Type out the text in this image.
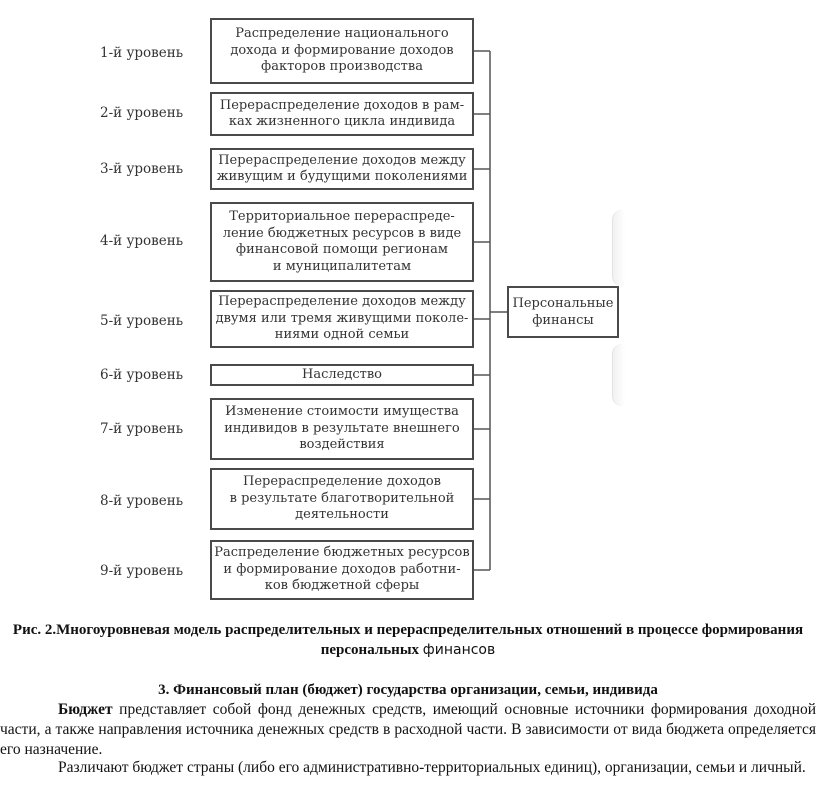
1-й уровень
Распределение национального
дохода и формирование доходов
факторов производства
2-й уровень	Перераспределение доходов в рам-
ках жизненного цикла индивида
3-й уровень
Перераспределение доходов между
живущим и будущими поколениями
4-й уровень
Территориальное перераспреде-
ление бюджетных ресурсов в виде
финансовой помощи регионам
и муниципалитетам
5-й уровень
Перераспределение доходов между
двумя или тремя живущими поколе-
ниями одной семьи
6-й уровень	Наследство
7-й уровень
Изменение стоимости имущества
индивидов в результате внешнего
воздействия
8-й уровень
Перераспределение доходов
в результате благотворительной
деятельности
9-й уровень
Распределение бюджетных ресурсов
и формирование доходов работни-
ков бюджетной сферы
Персональные
финансы
Рис. 2.Многоуровневая модель распределительных и перераспределительных отношений в процессе формирования персональных финансов
3. Финансовый план (бюджет) государства организации, семьи, индивида

Бюджет представляет собой фонд денежных средств, имеющий основные источники формирования доходной части, а также направления источника денежных средств в расходной части. В зависимости от вида бюджета определяется его назначение.

Различают бюджет страны (либо его административно-территориальных единиц), организации, семьи и личный.
